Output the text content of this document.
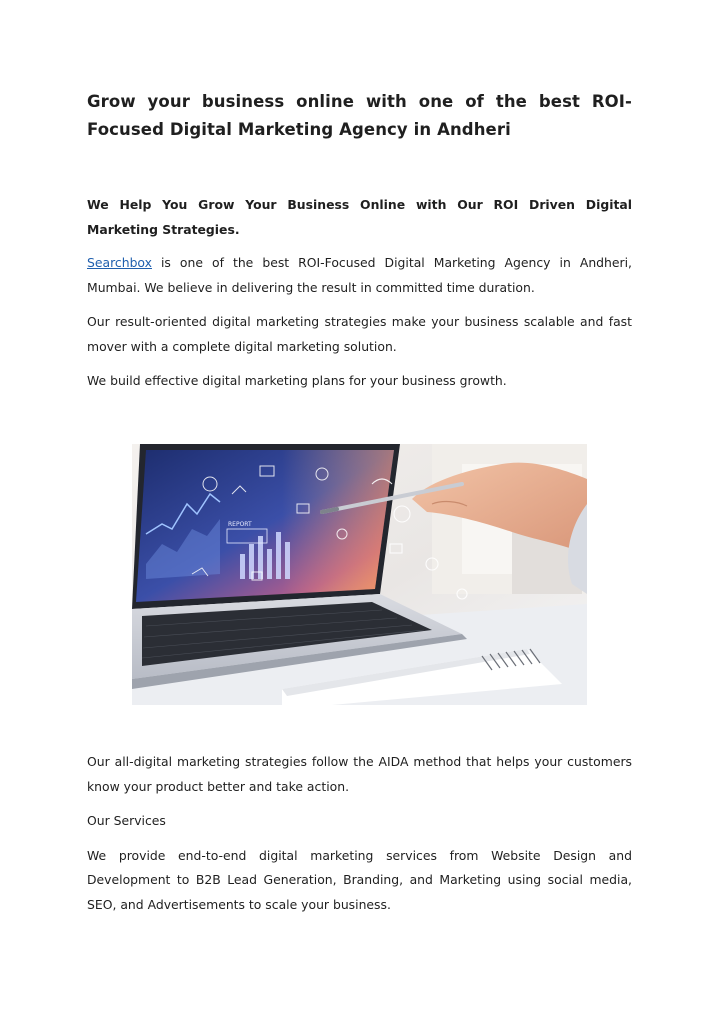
Grow your business online with one of the best ROI-Focused Digital Marketing Agency in Andheri
We Help You Grow Your Business Online with Our ROI Driven Digital Marketing Strategies.

Searchbox is one of the best ROI-Focused Digital Marketing Agency in Andheri, Mumbai. We believe in delivering the result in committed time duration.

Our result-oriented digital marketing strategies make your business scalable and fast mover with a complete digital marketing solution.

We build effective digital marketing plans for your business growth.

REPORT

Our all-digital marketing strategies follow the AIDA method that helps your customers know your product better and take action.

Our Services

We provide end-to-end digital marketing services from Website Design and Development to B2B Lead Generation, Branding, and Marketing using social media, SEO, and Advertisements to scale your business.
